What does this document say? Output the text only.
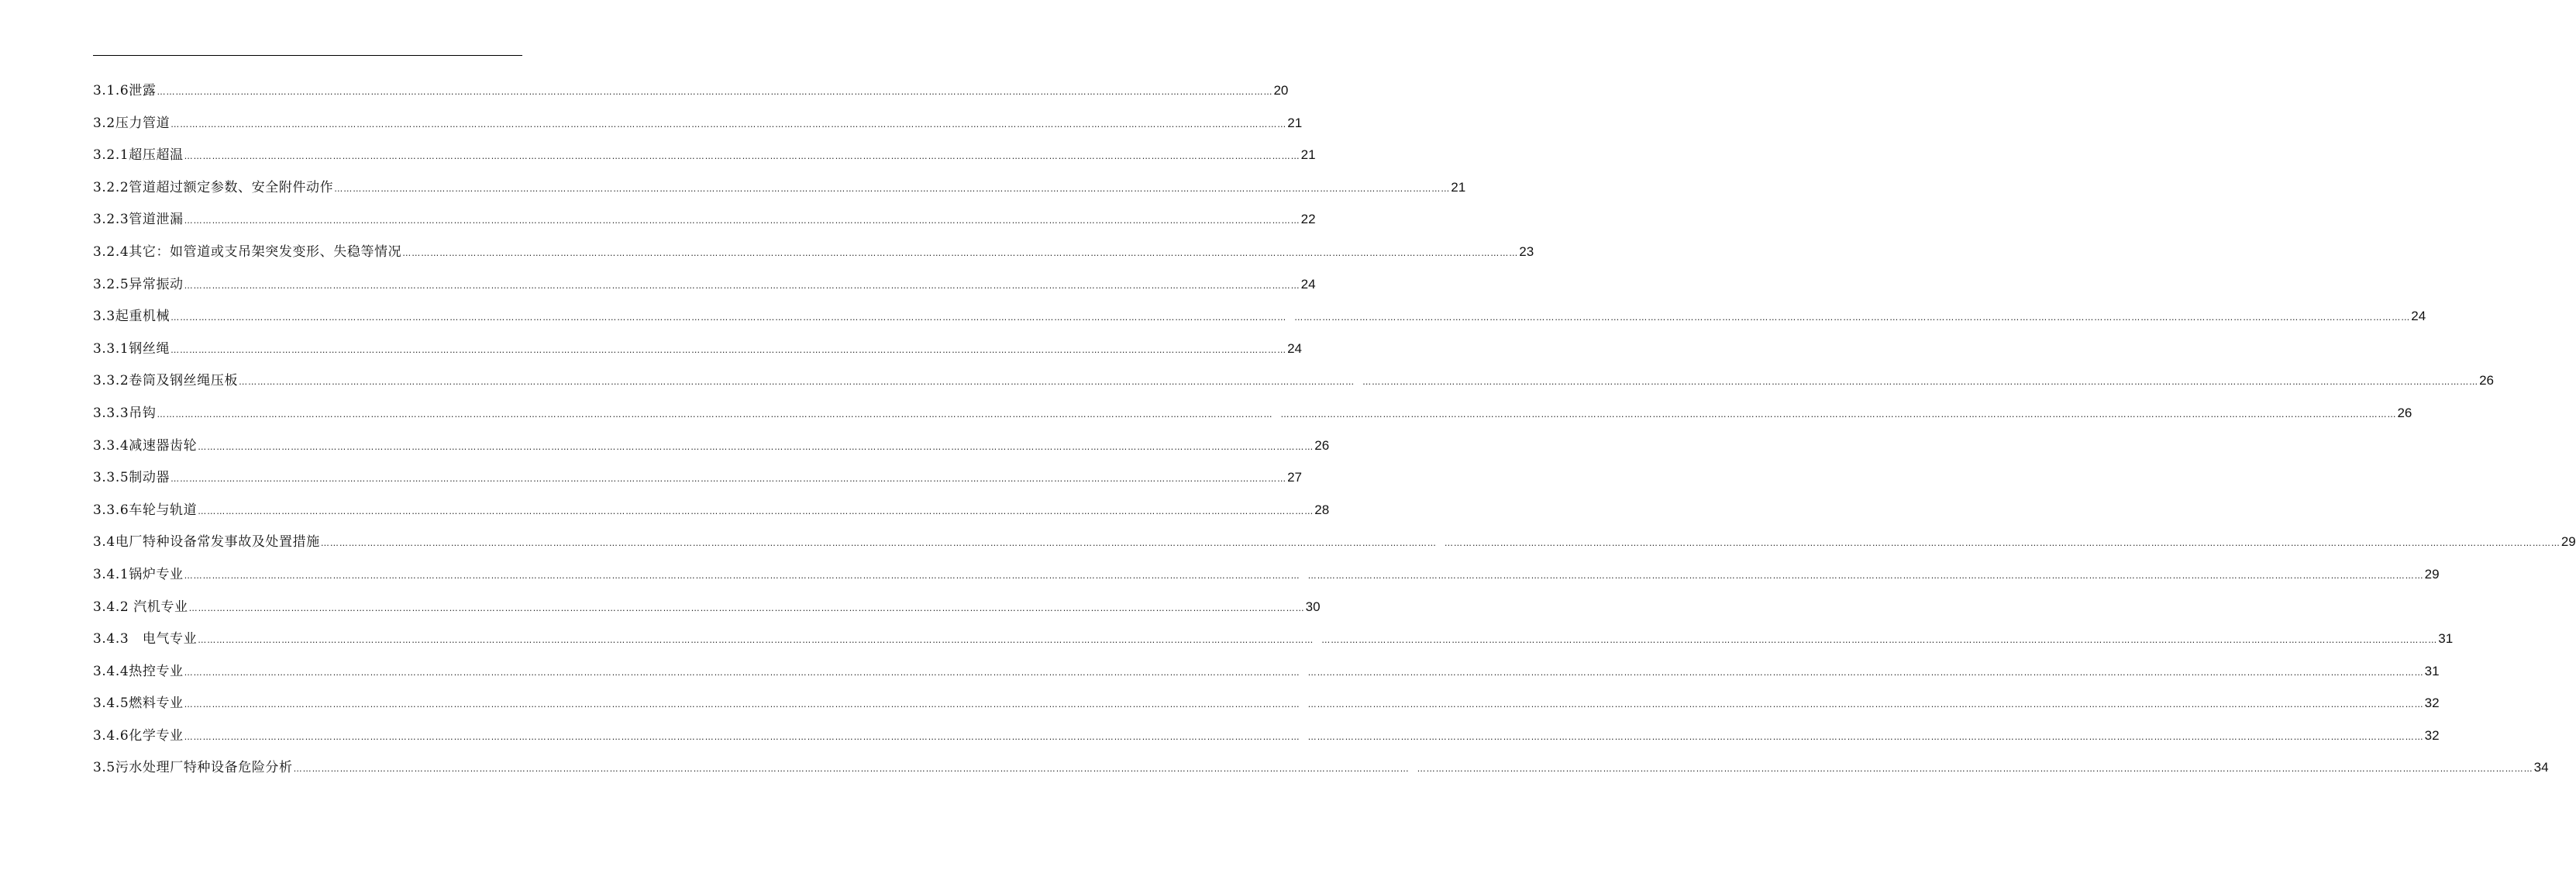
3.1.6泄露 ……………………………………………………………………………………………………………………………………………………………………………………………………………………………………………………………………………………………………………………………… 20
3.2压力管道 ……………………………………………………………………………………………………………………………………………………………………………………………………………………………………………………………………………………………………………………………… 21
3.2.1超压超温 ……………………………………………………………………………………………………………………………………………………………………………………………………………………………………………………………………………………………………………………………… 21
3.2.2管道超过额定参数、安全附件动作 ……………………………………………………………………………………………………………………………………………………………………………………………………………………………………………………………………………………………………………………………… 21
3.2.3管道泄漏 ……………………………………………………………………………………………………………………………………………………………………………………………………………………………………………………………………………………………………………………………… 22
3.2.4其它：如管道或支吊架突发变形、失稳等情况 ……………………………………………………………………………………………………………………………………………………………………………………………………………………………………………………………………………………………………………………………… 23
3.2.5异常振动 ……………………………………………………………………………………………………………………………………………………………………………………………………………………………………………………………………………………………………………………………… 24
3.3起重机械 ……………………………………………………………………………………………………………………………………………………………………………………………………………………………………………………………………………………………………………………………… ……………………………………………………………………………………………………………………………………………………………………………………………………………………………………………………………………………………………………………………………… 24
3.3.1钢丝绳 ……………………………………………………………………………………………………………………………………………………………………………………………………………………………………………………………………………………………………………………………… 24
3.3.2卷筒及钢丝绳压板 ……………………………………………………………………………………………………………………………………………………………………………………………………………………………………………………………………………………………………………………………… ……………………………………………………………………………………………………………………………………………………………………………………………………………………………………………………………………………………………………………………………… 26
3.3.3吊钩 ……………………………………………………………………………………………………………………………………………………………………………………………………………………………………………………………………………………………………………………………… ……………………………………………………………………………………………………………………………………………………………………………………………………………………………………………………………………………………………………………………………… 26
3.3.4减速器齿轮 ……………………………………………………………………………………………………………………………………………………………………………………………………………………………………………………………………………………………………………………………… 26
3.3.5制动器 ……………………………………………………………………………………………………………………………………………………………………………………………………………………………………………………………………………………………………………………………… 27
3.3.6车轮与轨道 ……………………………………………………………………………………………………………………………………………………………………………………………………………………………………………………………………………………………………………………………… 28
3.4电厂特种设备常发事故及处置措施 ……………………………………………………………………………………………………………………………………………………………………………………………………………………………………………………………………………………………………………………………… ……………………………………………………………………………………………………………………………………………………………………………………………………………………………………………………………………………………………………………………………… 29
3.4.1锅炉专业 ……………………………………………………………………………………………………………………………………………………………………………………………………………………………………………………………………………………………………………………………… ……………………………………………………………………………………………………………………………………………………………………………………………………………………………………………………………………………………………………………………………… 29
3.4.2 汽机专业 ……………………………………………………………………………………………………………………………………………………………………………………………………………………………………………………………………………………………………………………………… 30
3.4.3　电气专业 ……………………………………………………………………………………………………………………………………………………………………………………………………………………………………………………………………………………………………………………………… ……………………………………………………………………………………………………………………………………………………………………………………………………………………………………………………………………………………………………………………………… 31
3.4.4热控专业 ……………………………………………………………………………………………………………………………………………………………………………………………………………………………………………………………………………………………………………………………… ……………………………………………………………………………………………………………………………………………………………………………………………………………………………………………………………………………………………………………………………… 31
3.4.5燃料专业 ……………………………………………………………………………………………………………………………………………………………………………………………………………………………………………………………………………………………………………………………… ……………………………………………………………………………………………………………………………………………………………………………………………………………………………………………………………………………………………………………………………… 32
3.4.6化学专业 ……………………………………………………………………………………………………………………………………………………………………………………………………………………………………………………………………………………………………………………………… ……………………………………………………………………………………………………………………………………………………………………………………………………………………………………………………………………………………………………………………………… 32
3.5污水处理厂特种设备危险分析 ……………………………………………………………………………………………………………………………………………………………………………………………………………………………………………………………………………………………………………………………… ……………………………………………………………………………………………………………………………………………………………………………………………………………………………………………………………………………………………………………………………… 34
